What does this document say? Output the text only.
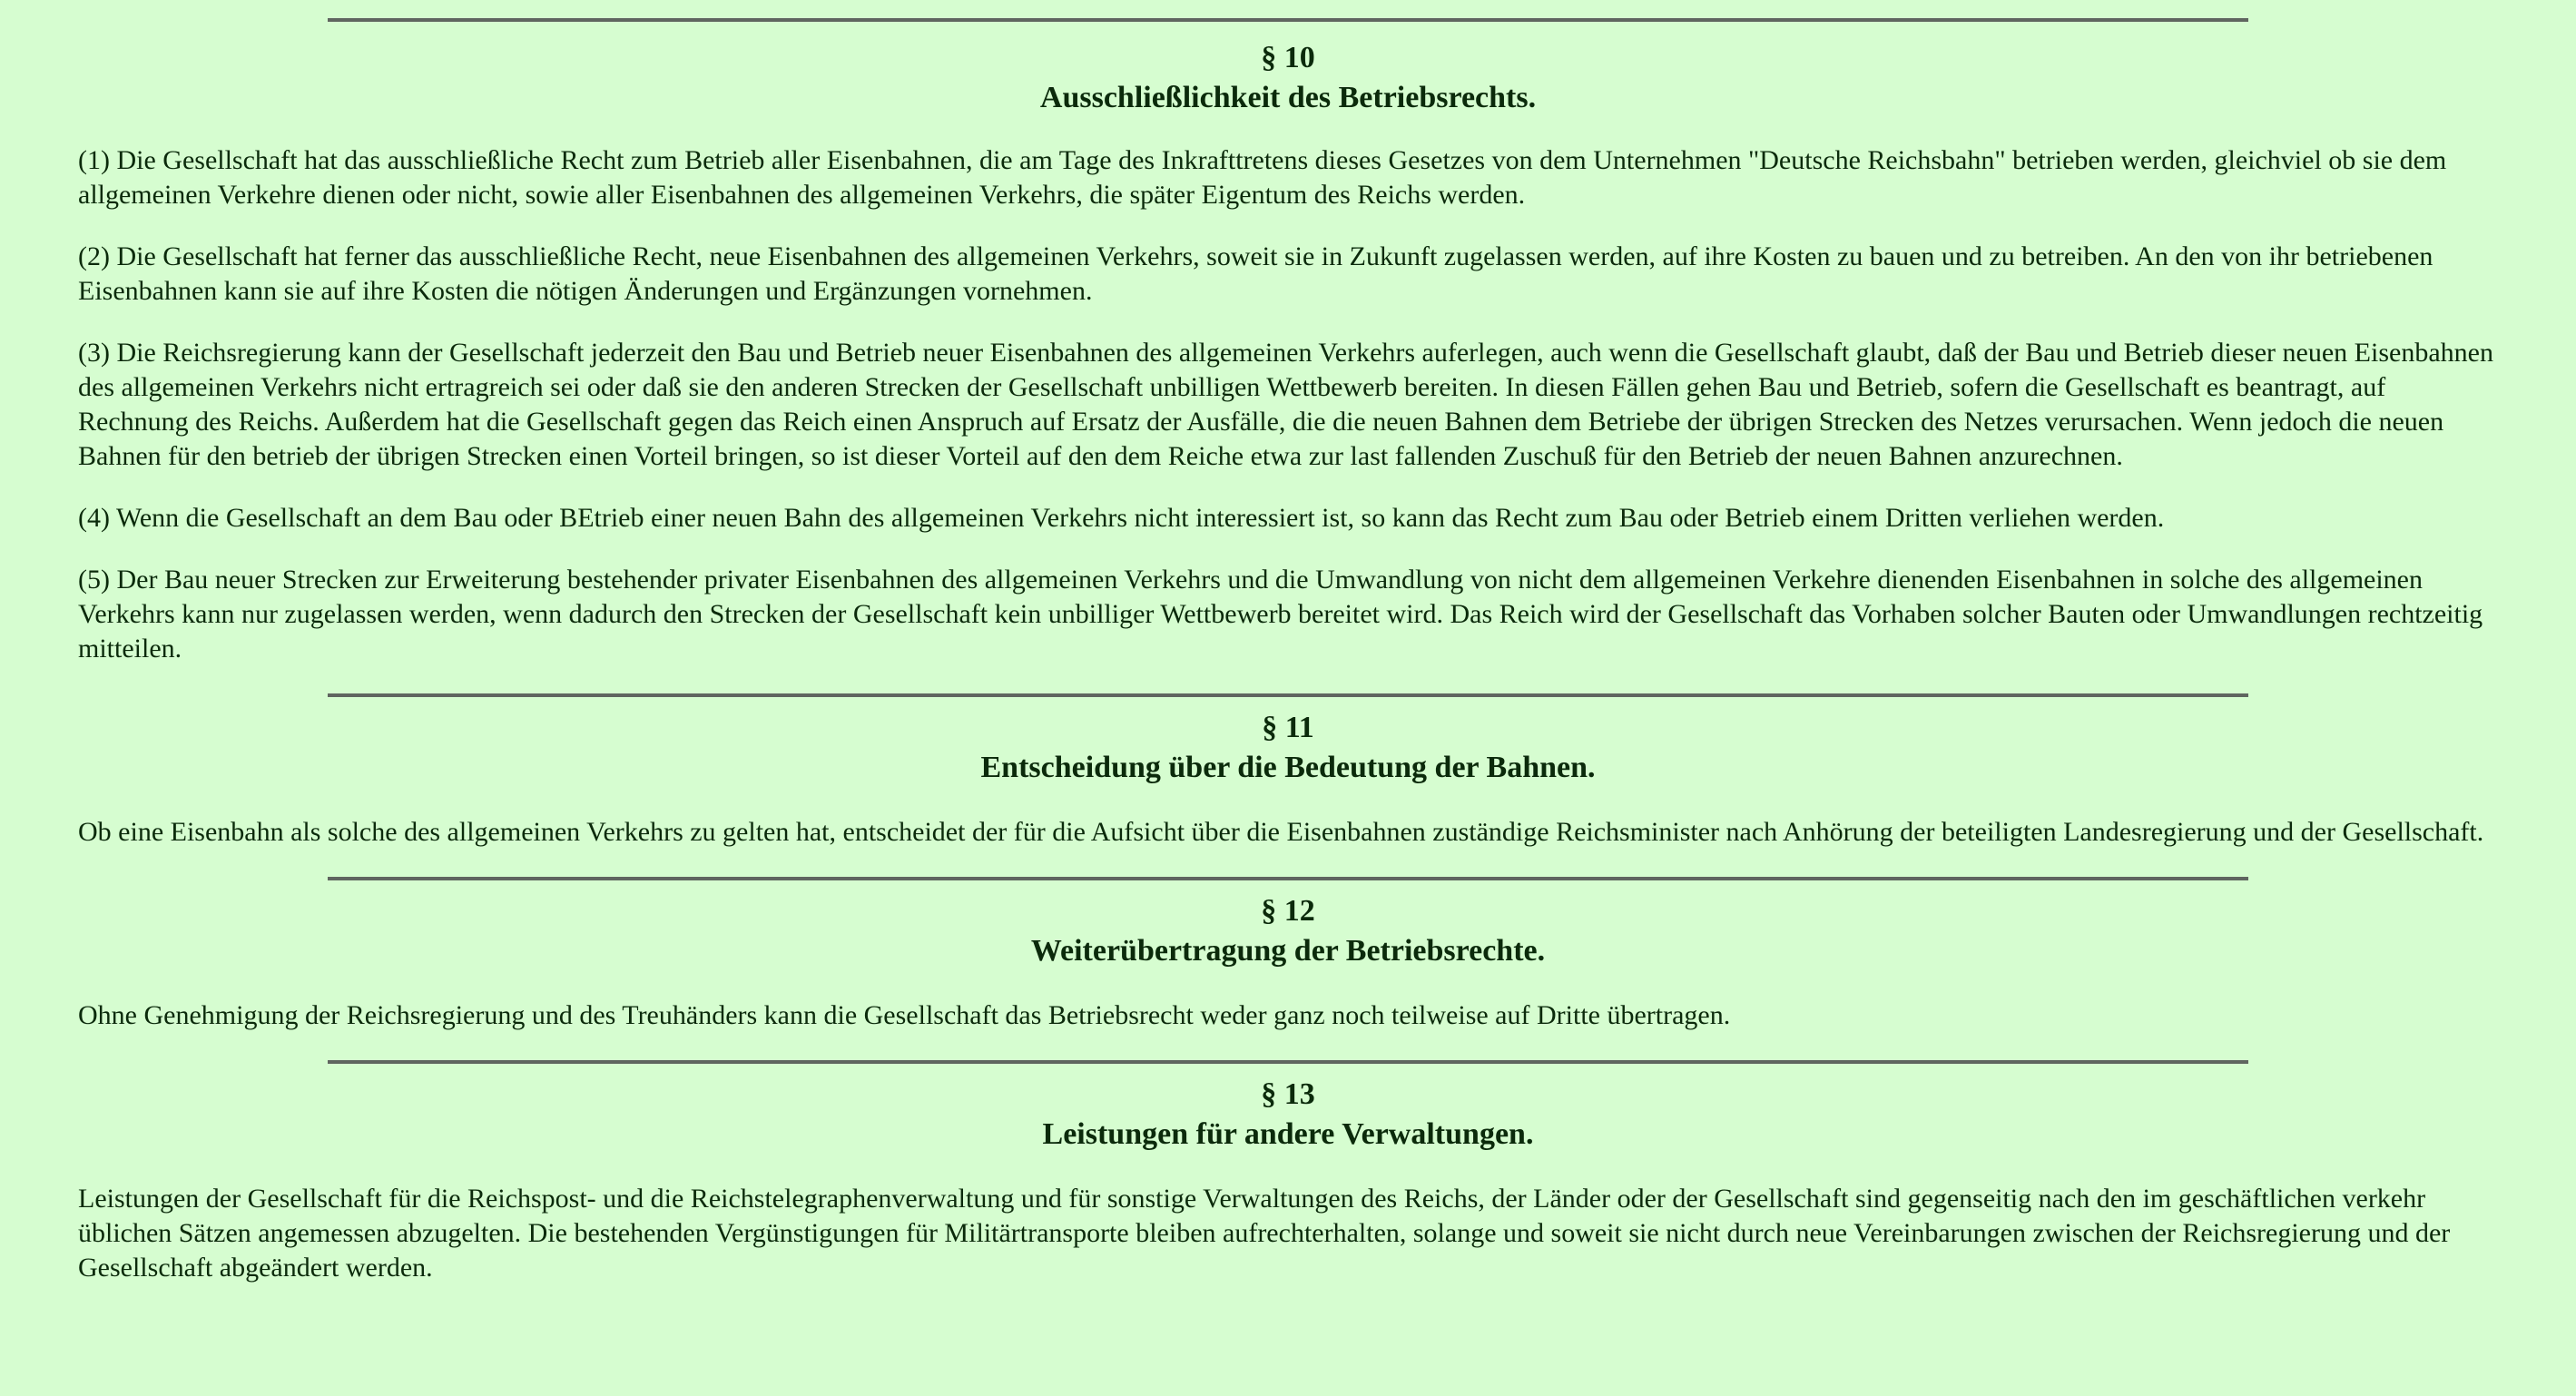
§ 10
Ausschließlichkeit des Betriebsrechts.

(1) Die Gesellschaft hat das ausschließliche Recht zum Betrieb aller Eisenbahnen, die am Tage des Inkrafttretens dieses Gesetzes von dem Unternehmen "Deutsche Reichsbahn" betrieben werden, gleichviel ob sie dem allgemeinen Verkehre dienen oder nicht, sowie aller Eisenbahnen des allgemeinen Verkehrs, die später Eigentum des Reichs werden.

(2) Die Gesellschaft hat ferner das ausschließliche Recht, neue Eisenbahnen des allgemeinen Verkehrs, soweit sie in Zukunft zugelassen werden, auf ihre Kosten zu bauen und zu betreiben. An den von ihr betriebenen Eisenbahnen kann sie auf ihre Kosten die nötigen Änderungen und Ergänzungen vornehmen.

(3) Die Reichsregierung kann der Gesellschaft jederzeit den Bau und Betrieb neuer Eisenbahnen des allgemeinen Verkehrs auferlegen, auch wenn die Gesellschaft glaubt, daß der Bau und Betrieb dieser neuen Eisenbahnen des allgemeinen Verkehrs nicht ertragreich sei oder daß sie den anderen Strecken der Gesellschaft unbilligen Wettbewerb bereiten. In diesen Fällen gehen Bau und Betrieb, sofern die Gesellschaft es beantragt, auf Rechnung des Reichs. Außerdem hat die Gesellschaft gegen das Reich einen Anspruch auf Ersatz der Ausfälle, die die neuen Bahnen dem Betriebe der übrigen Strecken des Netzes verursachen. Wenn jedoch die neuen Bahnen für den betrieb der übrigen Strecken einen Vorteil bringen, so ist dieser Vorteil auf den dem Reiche etwa zur last fallenden Zuschuß für den Betrieb der neuen Bahnen anzurechnen.

(4) Wenn die Gesellschaft an dem Bau oder BEtrieb einer neuen Bahn des allgemeinen Verkehrs nicht interessiert ist, so kann das Recht zum Bau oder Betrieb einem Dritten verliehen werden.

(5) Der Bau neuer Strecken zur Erweiterung bestehender privater Eisenbahnen des allgemeinen Verkehrs und die Umwandlung von nicht dem allgemeinen Verkehre dienenden Eisenbahnen in solche des allgemeinen Verkehrs kann nur zugelassen werden, wenn dadurch den Strecken der Gesellschaft kein unbilliger Wettbewerb bereitet wird. Das Reich wird der Gesellschaft das Vorhaben solcher Bauten oder Umwandlungen rechtzeitig mitteilen.

§ 11
Entscheidung über die Bedeutung der Bahnen.

Ob eine Eisenbahn als solche des allgemeinen Verkehrs zu gelten hat, entscheidet der für die Aufsicht über die Eisenbahnen zuständige Reichsminister nach Anhörung der beteiligten Landesregierung und der Gesellschaft.

§ 12
Weiterübertragung der Betriebsrechte.

Ohne Genehmigung der Reichsregierung und des Treuhänders kann die Gesellschaft das Betriebsrecht weder ganz noch teilweise auf Dritte übertragen.

§ 13
Leistungen für andere Verwaltungen.

Leistungen der Gesellschaft für die Reichspost- und die Reichstelegraphenverwaltung und für sonstige Verwaltungen des Reichs, der Länder oder der Gesellschaft sind gegenseitig nach den im geschäftlichen verkehr üblichen Sätzen angemessen abzugelten. Die bestehenden Vergünstigungen für Militärtransporte bleiben aufrechterhalten, solange und soweit sie nicht durch neue Vereinbarungen zwischen der Reichsregierung und der Gesellschaft abgeändert werden.
